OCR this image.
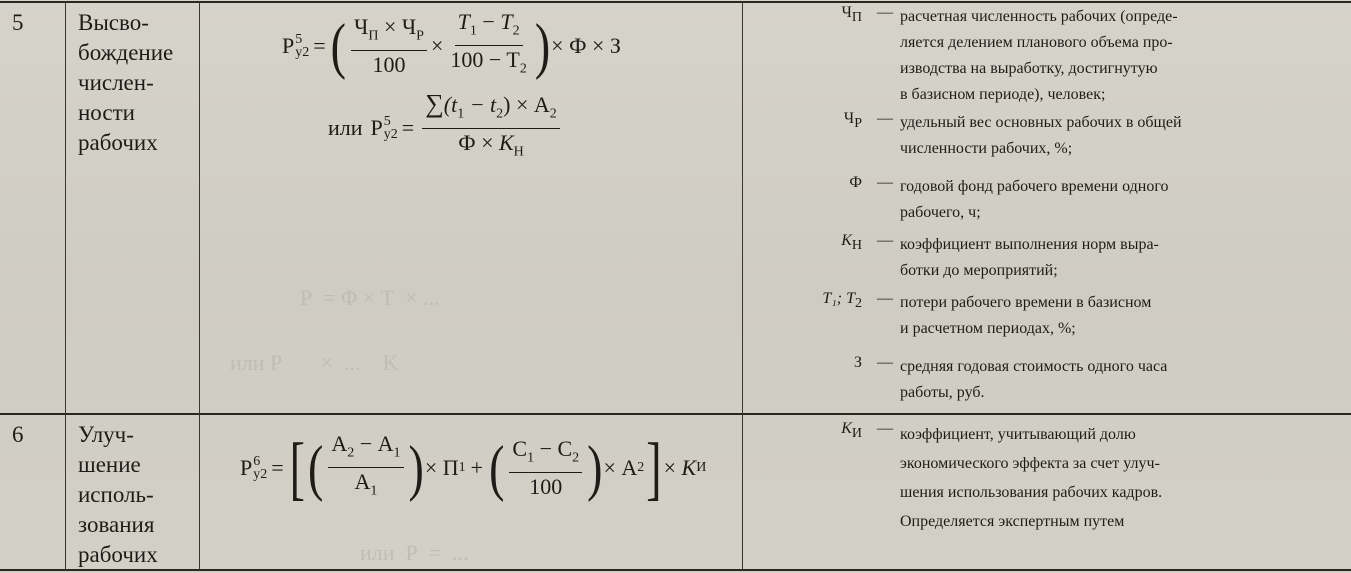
Р  = Φ × Т  × ...
или Р       ×  ...    K
или  Р  =  ...
5 Высво-
бождение
числен-
ности
рабочих
Р 5
у2 = ( $\frac{Ч_П \times Ч_Р}{100} \times \frac{T_1 - T_2}{100 - T_2}$ ) × Ф × З
или Р 5
$у2 = \frac{\sum(t_1 - t_2) \times А_2}{Ф \times K_Н}$
$Ч_П$ — расчетная численность рабочих (опреде-
ляется делением планового объема про-
изводства на выработку, достигнутую
в базисном периоде), человек;
$Ч_Р$ — удельный вес основных рабочих в общей
численности рабочих, %;
Ф — годовой фонд рабочего времени одного
рабочего, ч;
$K_Н$ — коэффициент выполнения норм выра-
ботки до мероприятий;
T₁; $T_2$ — потери рабочего времени в базисном
и расчетном периодах, %;
З — средняя годовая стоимость одного часа
работы, руб.
6 Улуч-
шение
исполь-
зования
рабочих
Р 6
у2 = [ ( $\frac{А_2 - А_1}{А_1}$ ) × П 1 + ( $\frac{С_1 - С_2}{100}$ ) × А 2 ] ×
K И
$K_И$ — коэффициент, учитывающий долю
экономического эффекта за счет улуч-
шения использования рабочих кадров.
Определяется экспертным путем
